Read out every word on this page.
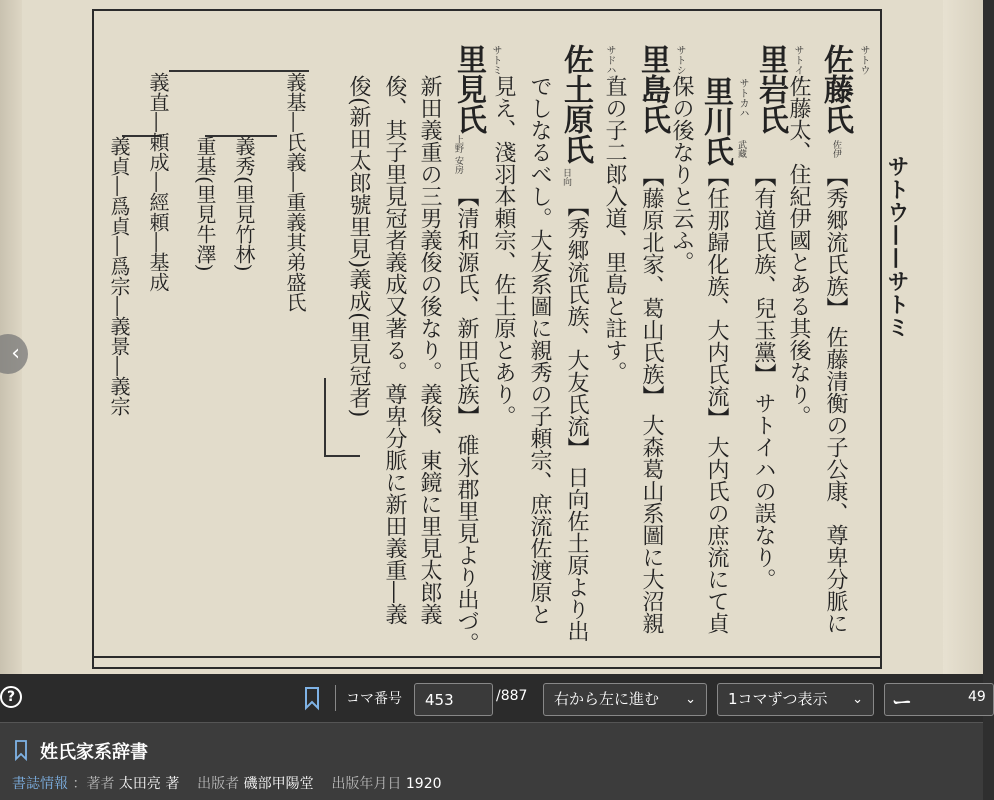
サトウ——サトミ
サトウ
佐藤氏
佐伊
【秀郷流氏族】 佐藤清衡の子公康、尊卑分脈に
佐藤太、住紀伊國とある其後なり。
サトイハ
里岩氏
武藏
【有道氏族、兒玉黨】 サトイハの誤なり。
サトカハ
里川氏
【任那歸化族、大内氏流】 大内氏の庶流にて貞
保の後なりと云ふ。
サトシマ
里島氏
【藤原北家、葛山氏族】 大森葛山系圖に大沼親
直の子二郎入道、里島と註す。
サドハラ
佐土原氏
日向
【秀郷流氏族、大友氏流】 日向佐土原より出
でしなるべし。大友系圖に親秀の子頼宗、庶流佐渡原と
見え、淺羽本頼宗、佐土原とあり。
サトミ
里見氏
上野 安房
【清和源氏、新田氏族】 碓氷郡里見より出づ。
新田義重の三男義俊の後なり。義俊、東鏡に里見太郎義
俊、其子里見冠者義成又著る。尊卑分脈に新田義重―義
俊(新田太郎號里見)義成(里見冠者)
義基―氏義―重義其弟盛氏
義秀(里見竹林)
重基(里見牛澤)
義直―頼成―經頼―基成
義貞―爲貞―爲宗―義景―義宗
‹
?	コマ番号
453	/887	右から左に進む ⌄	1コマずつ表示 ⌄ ー	49
姓氏家系辞書
書誌情報 ：著者 太田亮 著 出版者 磯部甲陽堂 出版年月日 1920
